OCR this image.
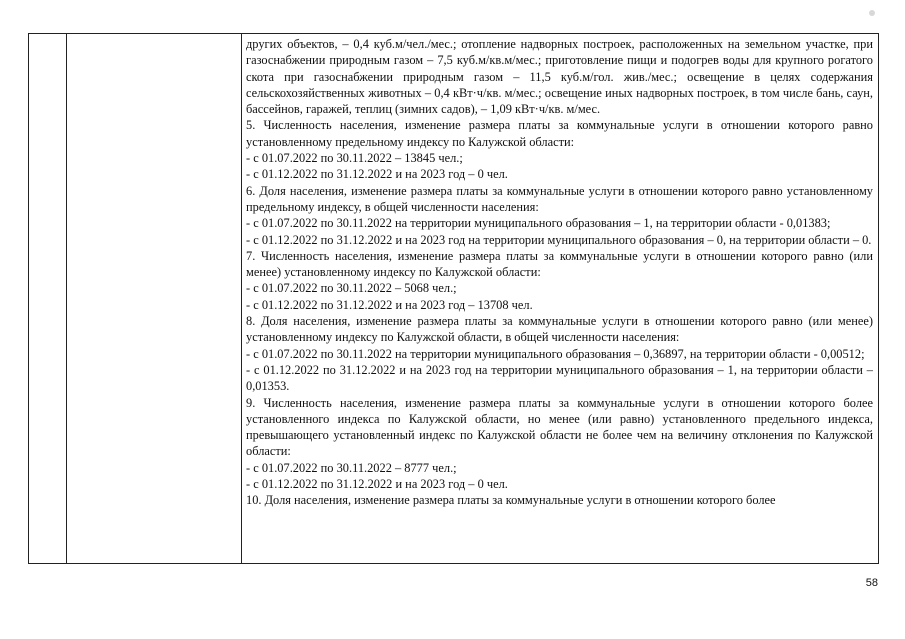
других объектов, – 0,4 куб.м/чел./мес.; отопление надворных построек, расположенных на земельном участке, при газоснабжении природным газом – 7,5 куб.м/кв.м/мес.; приготовление пищи и подогрев воды для крупного рогатого скота при газоснабжении природным газом – 11,5 куб.м/гол. жив./мес.; освещение в целях содержания сельскохозяйственных животных – 0,4 кВт·ч/кв. м/мес.; освещение иных надворных построек, в том числе бань, саун, бассейнов, гаражей, теплиц (зимних садов), – 1,09 кВт·ч/кв. м/мес.

5. Численность населения, изменение размера платы за коммунальные услуги в отношении которого равно установленному предельному индексу по Калужской области:

- с 01.07.2022 по 30.11.2022 – 13845 чел.;

- с 01.12.2022 по 31.12.2022 и на 2023 год – 0 чел.

6. Доля населения, изменение размера платы за коммунальные услуги в отношении которого равно установленному предельному индексу, в общей численности населения:

- с 01.07.2022 по 30.11.2022 на территории муниципального образования – 1, на территории области - 0,01383;

- с 01.12.2022 по 31.12.2022 и на 2023 год на территории муниципального образования – 0, на территории области – 0.

7. Численность населения, изменение размера платы за коммунальные услуги в отношении которого равно (или менее) установленному индексу по Калужской области:

- с 01.07.2022 по 30.11.2022 – 5068 чел.;

- с 01.12.2022 по 31.12.2022 и на 2023 год – 13708 чел.

8. Доля населения, изменение размера платы за коммунальные услуги в отношении которого равно (или менее) установленному индексу по Калужской области, в общей численности населения:

- с 01.07.2022 по 30.11.2022 на территории муниципального образования – 0,36897, на территории области - 0,00512;

- с 01.12.2022 по 31.12.2022 и на 2023 год на территории муниципального образования – 1, на территории области – 0,01353.

9. Численность населения, изменение размера платы за коммунальные услуги в отношении которого более установленного индекса по Калужской области, но менее (или равно) установленного предельного индекса, превышающего установленный индекс по Калужской области не более чем на величину отклонения по Калужской области:

- с 01.07.2022 по 30.11.2022 – 8777 чел.;

- с 01.12.2022 по 31.12.2022 и на 2023 год – 0 чел.

10. Доля населения, изменение размера платы за коммунальные услуги в отношении которого более

58
